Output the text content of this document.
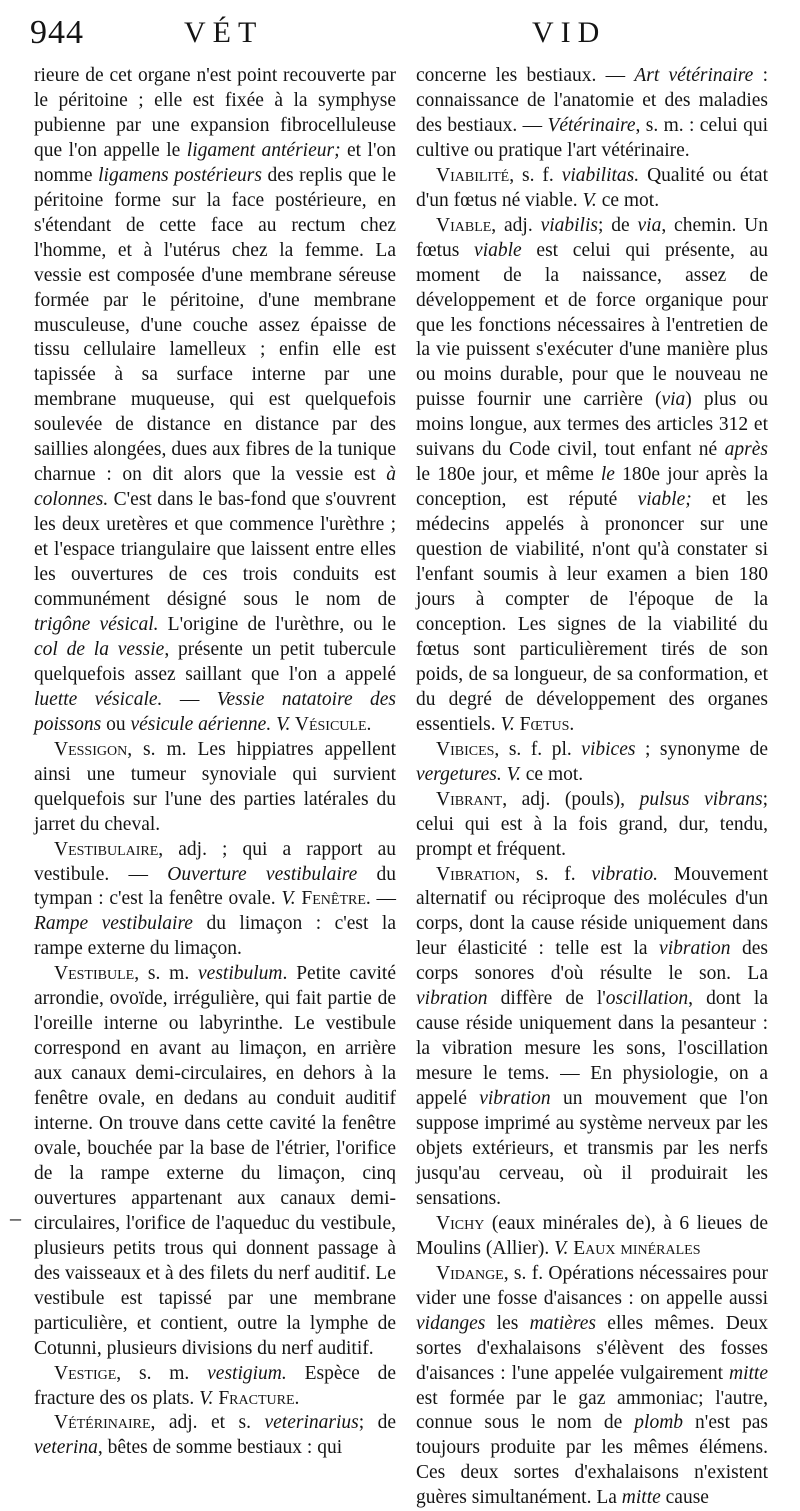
944	VÉT	VID
–

rieure de cet organe n'est point recouverte par le péritoine ; elle est fixée à la symphyse pubienne par une expansion fibrocelluleuse que l'on appelle le ligament antérieur; et l'on nomme ligamens postérieurs des replis que le péritoine forme sur la face postérieure, en s'étendant de cette face au rectum chez l'homme, et à l'utérus chez la femme. La vessie est composée d'une membrane séreuse formée par le péritoine, d'une membrane musculeuse, d'une couche assez épaisse de tissu cellulaire lamelleux ; enfin elle est tapissée à sa surface interne par une membrane muqueuse, qui est quelquefois soulevée de distance en distance par des saillies alongées, dues aux fibres de la tunique charnue : on dit alors que la vessie est à colonnes. C'est dans le bas-fond que s'ouvrent les deux uretères et que commence l'urèthre ; et l'espace triangulaire que laissent entre elles les ouvertures de ces trois conduits est communément désigné sous le nom de trigône vésical. L'origine de l'urèthre, ou le col de la vessie, présente un petit tubercule quelquefois assez saillant que l'on a appelé luette vésicale. — Vessie natatoire des poissons ou vésicule aérienne. V. Vésicule.

Vessigon, s. m. Les hippiatres appellent ainsi une tumeur synoviale qui survient quelquefois sur l'une des parties latérales du jarret du cheval.

Vestibulaire, adj. ; qui a rapport au vestibule. — Ouverture vestibulaire du tympan : c'est la fenêtre ovale. V. Fenêtre. — Rampe vestibulaire du limaçon : c'est la rampe externe du limaçon.

Vestibule, s. m. vestibulum. Petite cavité arrondie, ovoïde, irrégulière, qui fait partie de l'oreille interne ou labyrinthe. Le vestibule correspond en avant au limaçon, en arrière aux canaux demi-circulaires, en dehors à la fenêtre ovale, en dedans au conduit auditif interne. On trouve dans cette cavité la fenêtre ovale, bouchée par la base de l'étrier, l'orifice de la rampe externe du limaçon, cinq ouvertures appartenant aux canaux demi-circulaires, l'orifice de l'aqueduc du vestibule, plusieurs petits trous qui donnent passage à des vaisseaux et à des filets du nerf auditif. Le vestibule est tapissé par une membrane particulière, et contient, outre la lymphe de Cotunni, plusieurs divisions du nerf auditif.

Vestige, s. m. vestigium. Espèce de fracture des os plats. V. Fracture.

Vétérinaire, adj. et s. veterinarius; de veterina, bêtes de somme bestiaux : qui

concerne les bestiaux. — Art vétérinaire : connaissance de l'anatomie et des maladies des bestiaux. — Vétérinaire, s. m. : celui qui cultive ou pratique l'art vétérinaire.

Viabilité, s. f. viabilitas. Qualité ou état d'un fœtus né viable. V. ce mot.

Viable, adj. viabilis; de via, chemin. Un fœtus viable est celui qui présente, au moment de la naissance, assez de développement et de force organique pour que les fonctions nécessaires à l'entretien de la vie puissent s'exécuter d'une manière plus ou moins durable, pour que le nouveau ne puisse fournir une carrière (via) plus ou moins longue, aux termes des articles 312 et suivans du Code civil, tout enfant né après le 180e jour, et même le 180e jour après la conception, est réputé viable; et les médecins appelés à prononcer sur une question de viabilité, n'ont qu'à constater si l'enfant soumis à leur examen a bien 180 jours à compter de l'époque de la conception. Les signes de la viabilité du fœtus sont particulièrement tirés de son poids, de sa longueur, de sa conformation, et du degré de développement des organes essentiels. V. Fœtus.

Vibices, s. f. pl. vibices ; synonyme de vergetures. V. ce mot.

Vibrant, adj. (pouls), pulsus vibrans; celui qui est à la fois grand, dur, tendu, prompt et fréquent.

Vibration, s. f. vibratio. Mouvement alternatif ou réciproque des molécules d'un corps, dont la cause réside uniquement dans leur élasticité : telle est la vibration des corps sonores d'où résulte le son. La vibration diffère de l'oscillation, dont la cause réside uniquement dans la pesanteur : la vibration mesure les sons, l'oscillation mesure le tems. — En physiologie, on a appelé vibration un mouvement que l'on suppose imprimé au système nerveux par les objets extérieurs, et transmis par les nerfs jusqu'au cerveau, où il produirait les sensations.

Vichy (eaux minérales de), à 6 lieues de Moulins (Allier). V. Eaux minérales

Vidange, s. f. Opérations nécessaires pour vider une fosse d'aisances : on appelle aussi vidanges les matières elles mêmes. Deux sortes d'exhalaisons s'élèvent des fosses d'aisances : l'une appelée vulgairement mitte est formée par le gaz ammoniac; l'autre, connue sous le nom de plomb n'est pas toujours produite par les mêmes élémens. Ces deux sortes d'exhalaisons n'existent guères simultanément. La mitte cause
